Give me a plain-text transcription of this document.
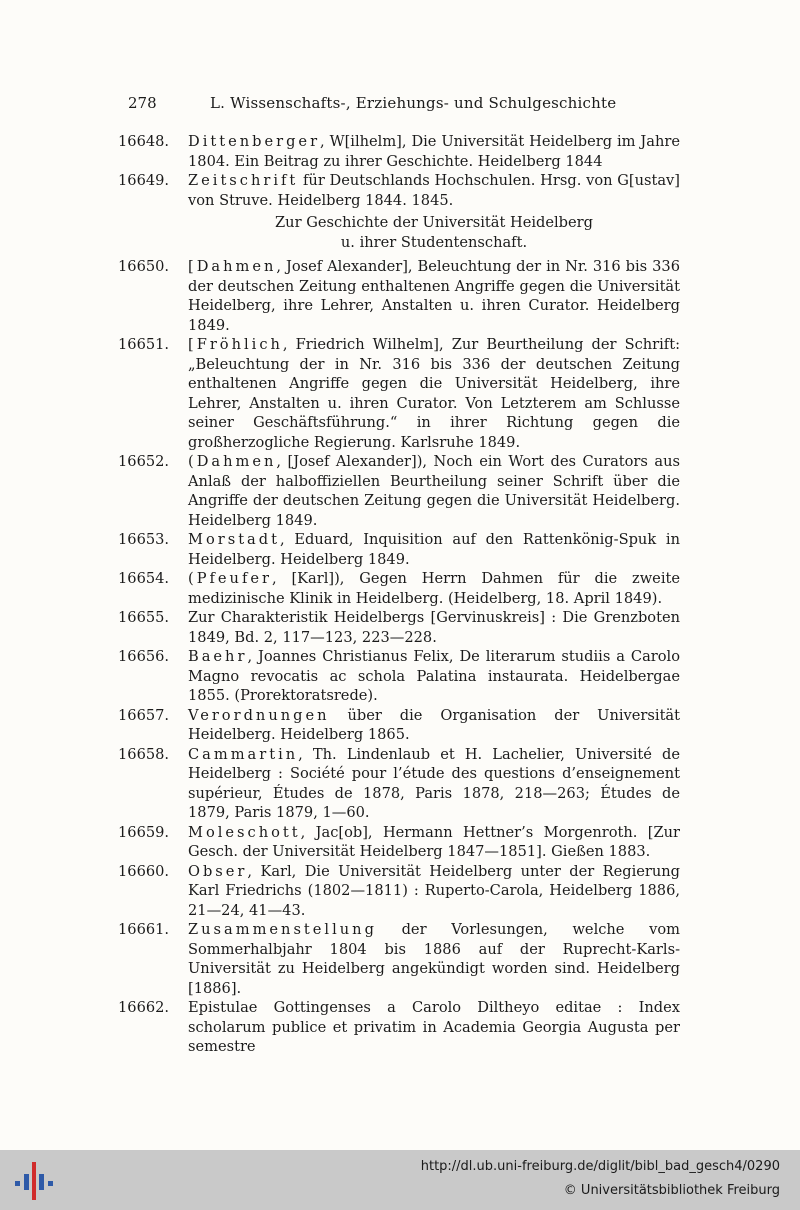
278	L. Wissenschafts-, Erziehungs- und Schulgeschichte
16648.	Dittenberger, W[ilhelm], Die Universität Heidelberg im Jahre 1804. Ein Beitrag zu ihrer Geschichte. Heidelberg 1844
16649.	Zeitschrift für Deutschlands Hochschulen. Hrsg. von G[ustav] von Struve. Heidelberg 1844. 1845.
Zur Geschichte der Universität Heidelberg
u. ihrer Studentenschaft.
16650.	[Dahmen, Josef Alexander], Beleuchtung der in Nr. 316 bis 336 der deutschen Zeitung enthaltenen Angriffe gegen die Universität Heidelberg, ihre Lehrer, Anstalten u. ihren Curator. Heidelberg 1849.
16651.	[Fröhlich, Friedrich Wilhelm], Zur Beurtheilung der Schrift: „Beleuchtung der in Nr. 316 bis 336 der deutschen Zeitung enthaltenen Angriffe gegen die Universität Heidelberg, ihre Lehrer, Anstalten u. ihren Curator. Von Letzterem am Schlusse seiner Geschäftsführung.“ in ihrer Richtung gegen die großherzogliche Regierung. Karlsruhe 1849.
16652.	(Dahmen, [Josef Alexander]), Noch ein Wort des Curators aus Anlaß der halboffiziellen Beurtheilung seiner Schrift über die Angriffe der deutschen Zeitung gegen die Universität Heidelberg. Heidelberg 1849.
16653.	Morstadt, Eduard, Inquisition auf den Rattenkönig-Spuk in Heidelberg. Heidelberg 1849.
16654.	(Pfeufer, [Karl]), Gegen Herrn Dahmen für die zweite medizinische Klinik in Heidelberg. (Heidelberg, 18. April 1849).
16655.	Zur Charakteristik Heidelbergs [Gervinuskreis] : Die Grenzboten 1849, Bd. 2, 117—123, 223—228.
16656.	Baehr, Joannes Christianus Felix, De literarum studiis a Carolo Magno revocatis ac schola Palatina instaurata. Heidelbergae 1855. (Prorektoratsrede).
16657.	Verordnungen über die Organisation der Universität Heidelberg. Heidelberg 1865.
16658.	Cammartin, Th. Lindenlaub et H. Lachelier, Université de Heidelberg : Société pour l’étude des questions d’enseignement supérieur, Études de 1878, Paris 1878, 218—263; Études de 1879, Paris 1879, 1—60.
16659.	Moleschott, Jac[ob], Hermann Hettner’s Morgenroth. [Zur Gesch. der Universität Heidelberg 1847—1851]. Gießen 1883.
16660.	Obser, Karl, Die Universität Heidelberg unter der Regierung Karl Friedrichs (1802—1811) : Ruperto-Carola, Heidelberg 1886, 21—24, 41—43.
16661.	Zusammenstellung der Vorlesungen, welche vom Sommerhalbjahr 1804 bis 1886 auf der Ruprecht-Karls-Universität zu Heidelberg angekündigt worden sind. Heidelberg [1886].
16662.	Epistulae Gottingenses a Carolo Diltheyo editae : Index scholarum publice et privatim in Academia Georgia Augusta per semestre
http://dl.ub.uni-freiburg.de/diglit/bibl_bad_gesch4/0290
© Universitätsbibliothek Freiburg
